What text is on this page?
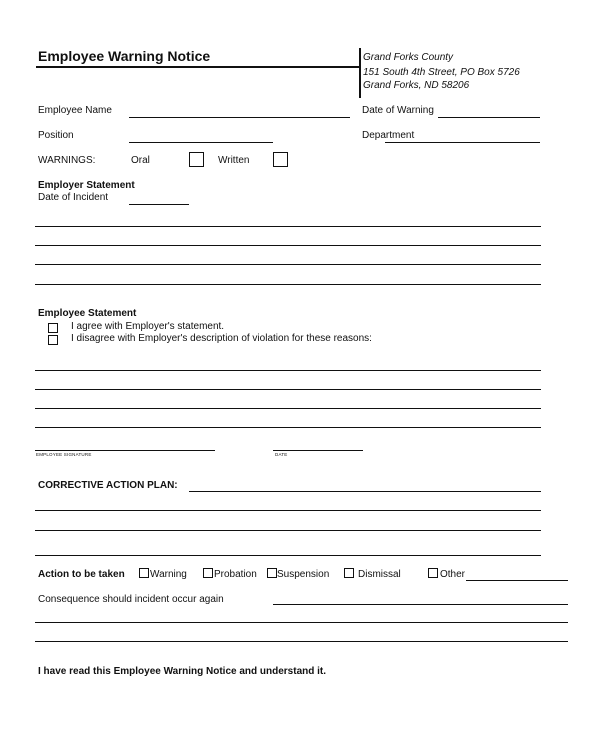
Employee Warning Notice	Grand Forks County
151 South 4th Street, PO Box 5726
Grand Forks, ND 58206
Employee Name	Date of Warning
Position	Department
WARNINGS:	Oral	Written
Employer Statement
Date of Incident
Employee Statement
I agree with Employer's statement.
I disagree with Employer's description of violation for these reasons:
EMPLOYEE SIGNATURE	DATE
CORRECTIVE ACTION PLAN:
Action to be taken	Warning	Probation Suspension	Dismissal	Other
Consequence should incident occur again
I have read this Employee Warning Notice and understand it.
